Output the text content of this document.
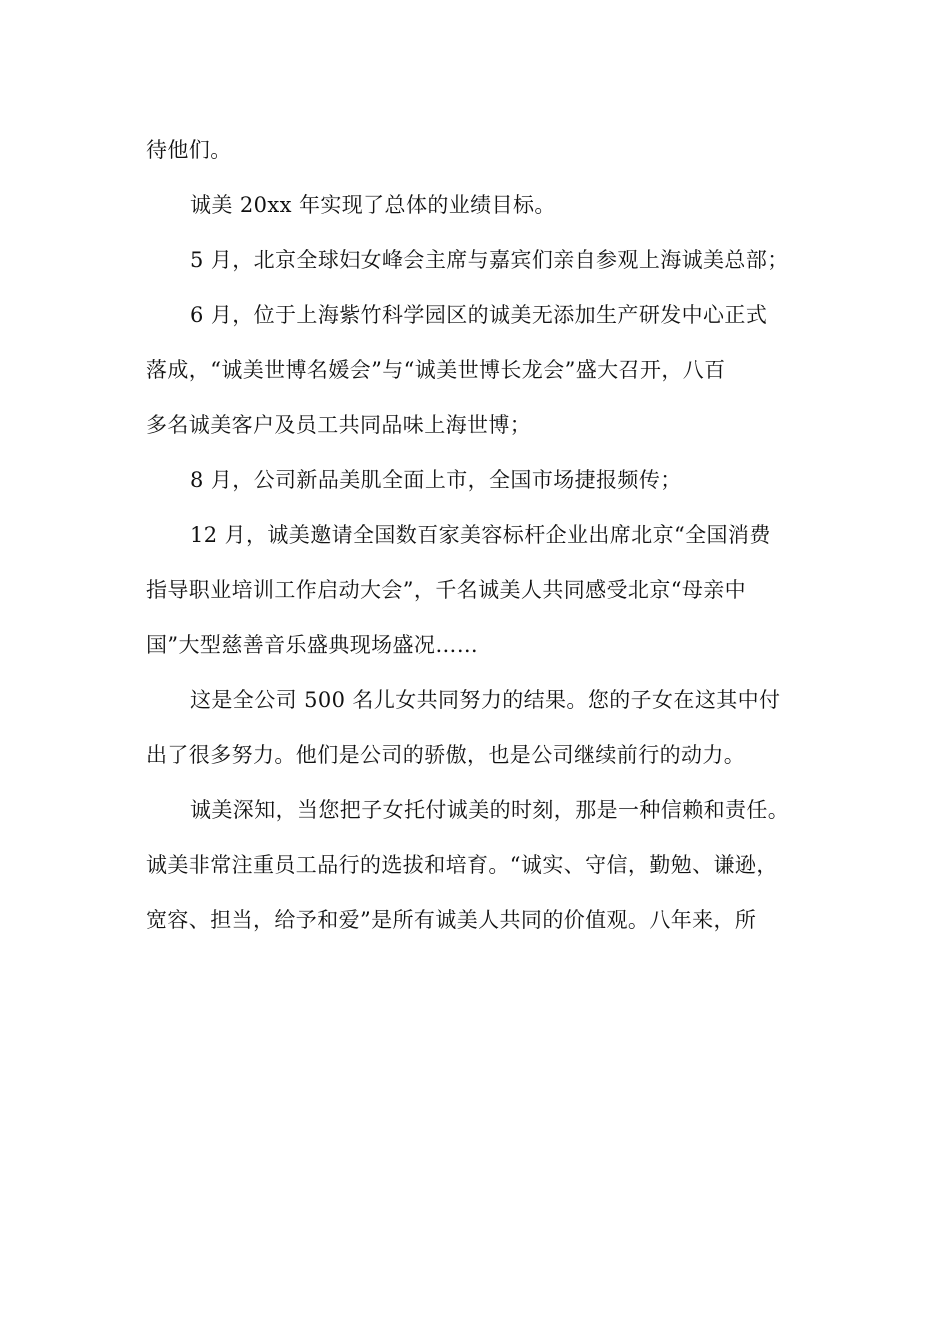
待他们。
诚美 20xx 年实现了总体的业绩目标。
5 月，北京全球妇女峰会主席与嘉宾们亲自参观上海诚美总部；
6 月，位于上海紫竹科学园区的诚美无添加生产研发中心正式
落成，“诚美世博名媛会”与“诚美世博长龙会”盛大召开，八百
多名诚美客户及员工共同品味上海世博；
8 月，公司新品美肌全面上市，全国市场捷报频传；
12 月，诚美邀请全国数百家美容标杆企业出席北京“全国消费
指导职业培训工作启动大会”，千名诚美人共同感受北京“母亲中
国”大型慈善音乐盛典现场盛况……
这是全公司 500 名儿女共同努力的结果。您的子女在这其中付
出了很多努力。他们是公司的骄傲，也是公司继续前行的动力。
诚美深知，当您把子女托付诚美的时刻，那是一种信赖和责任。
诚美非常注重员工品行的选拔和培育。“诚实、守信，勤勉、谦逊，
宽容、担当，给予和爱”是所有诚美人共同的价值观。八年来，所
